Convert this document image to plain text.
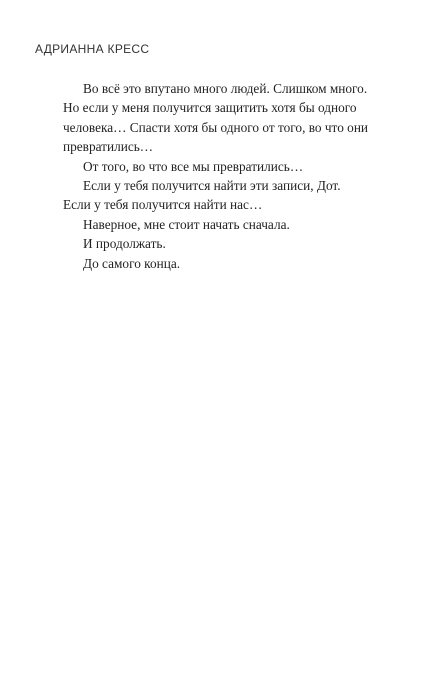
АДРИАННА КРЕСС
Во всё это впутано много людей. Слишком много.
Но если у меня получится защитить хотя бы одного
человека… Спасти хотя бы одного от того, во что они
превратились…
От того, во что все мы превратились…
Если у тебя получится найти эти записи, Дот.
Если у тебя получится найти нас…
Наверное, мне стоит начать сначала.
И продолжать.
До самого конца.
